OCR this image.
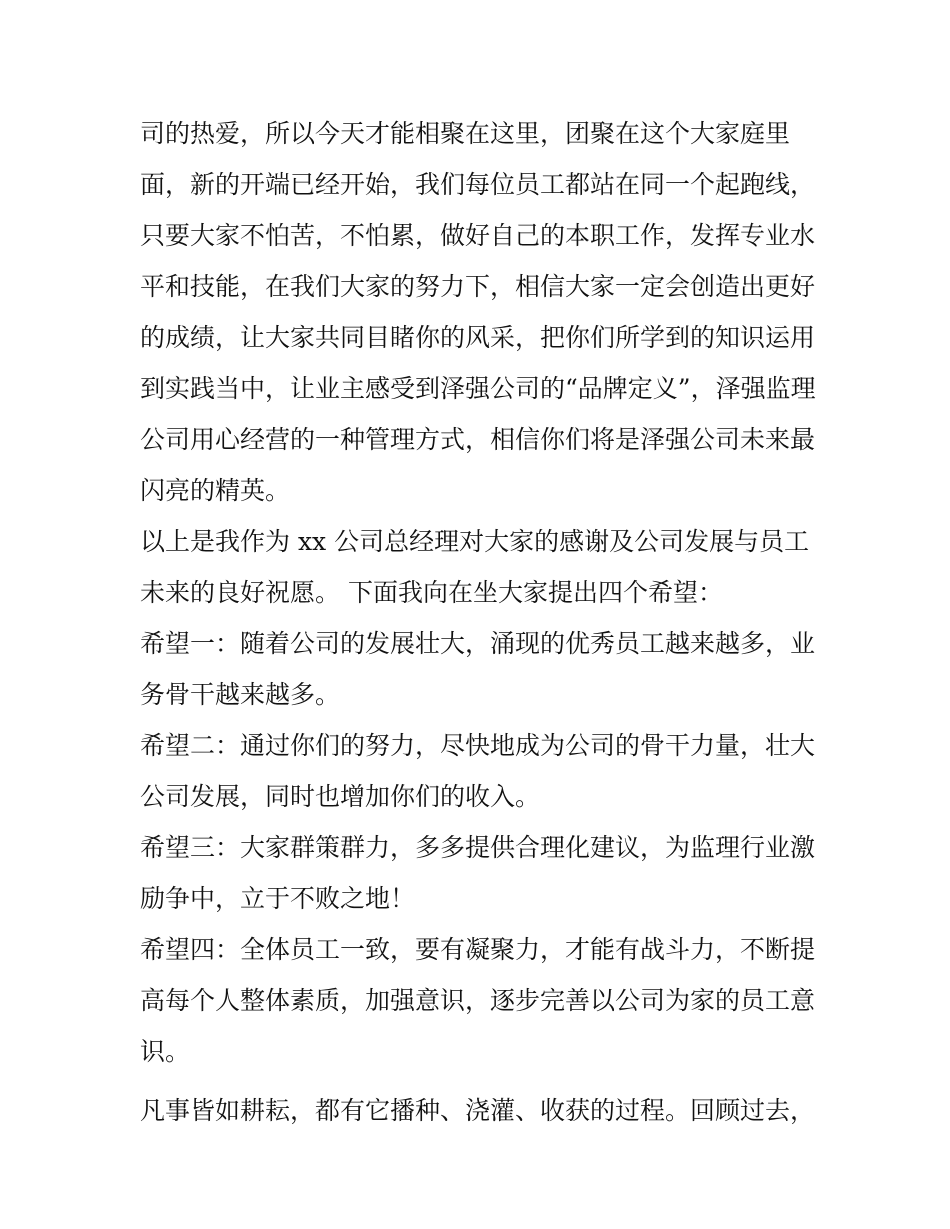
司的热爱，所以今天才能相聚在这里，团聚在这个大家庭里

面，新的开端已经开始，我们每位员工都站在同一个起跑线，

只要大家不怕苦，不怕累，做好自己的本职工作，发挥专业水

平和技能，在我们大家的努力下，相信大家一定会创造出更好

的成绩，让大家共同目睹你的风采，把你们所学到的知识运用

到实践当中，让业主感受到泽强公司的“品牌定义”，泽强监理

公司用心经营的一种管理方式，相信你们将是泽强公司未来最

闪亮的精英。

以上是我作为 xx 公司总经理对大家的感谢及公司发展与员工

未来的良好祝愿。 下面我向在坐大家提出四个希望：

希望一：随着公司的发展壮大，涌现的优秀员工越来越多，业

务骨干越来越多。

希望二：通过你们的努力，尽快地成为公司的骨干力量，壮大

公司发展，同时也增加你们的收入。

希望三：大家群策群力，多多提供合理化建议，为监理行业激

励争中，立于不败之地！

希望四：全体员工一致，要有凝聚力，才能有战斗力，不断提

高每个人整体素质，加强意识，逐步完善以公司为家的员工意

识。

凡事皆如耕耘，都有它播种、浇灌、收获的过程。回顾过去，
